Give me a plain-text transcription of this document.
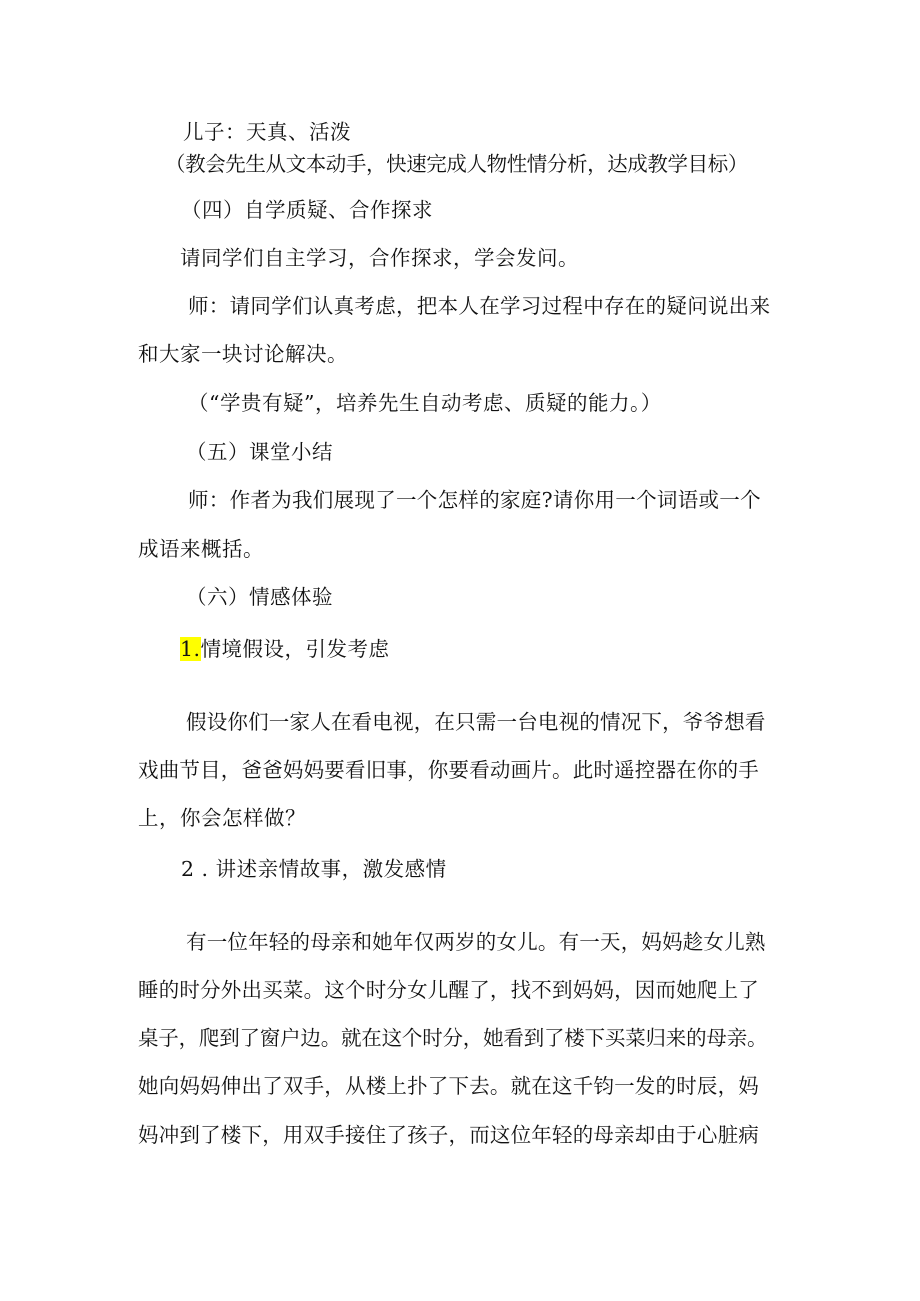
儿子：天真、活泼
（教会先生从文本动手，快速完成人物性情分析，达成教学目标）
（四）自学质疑、合作探求
请同学们自主学习，合作探求，学会发问。
师：请同学们认真考虑，把本人在学习过程中存在的疑问说出来
和大家一块讨论解决。
（“学贵有疑”，培养先生自动考虑、质疑的能力。）
（五）课堂小结
师：作者为我们展现了一个怎样的家庭?请你用一个词语或一个
成语来概括。
（六）情感体验
1.情境假设，引发考虑
假设你们一家人在看电视，在只需一台电视的情况下，爷爷想看
戏曲节目，爸爸妈妈要看旧事，你要看动画片。此时遥控器在你的手
上，你会怎样做？
2 . 讲述亲情故事，激发感情
有一位年轻的母亲和她年仅两岁的女儿。有一天，妈妈趁女儿熟
睡的时分外出买菜。这个时分女儿醒了，找不到妈妈，因而她爬上了
桌子，爬到了窗户边。就在这个时分，她看到了楼下买菜归来的母亲。
她向妈妈伸出了双手，从楼上扑了下去。就在这千钧一发的时辰，妈
妈冲到了楼下，用双手接住了孩子，而这位年轻的母亲却由于心脏病
